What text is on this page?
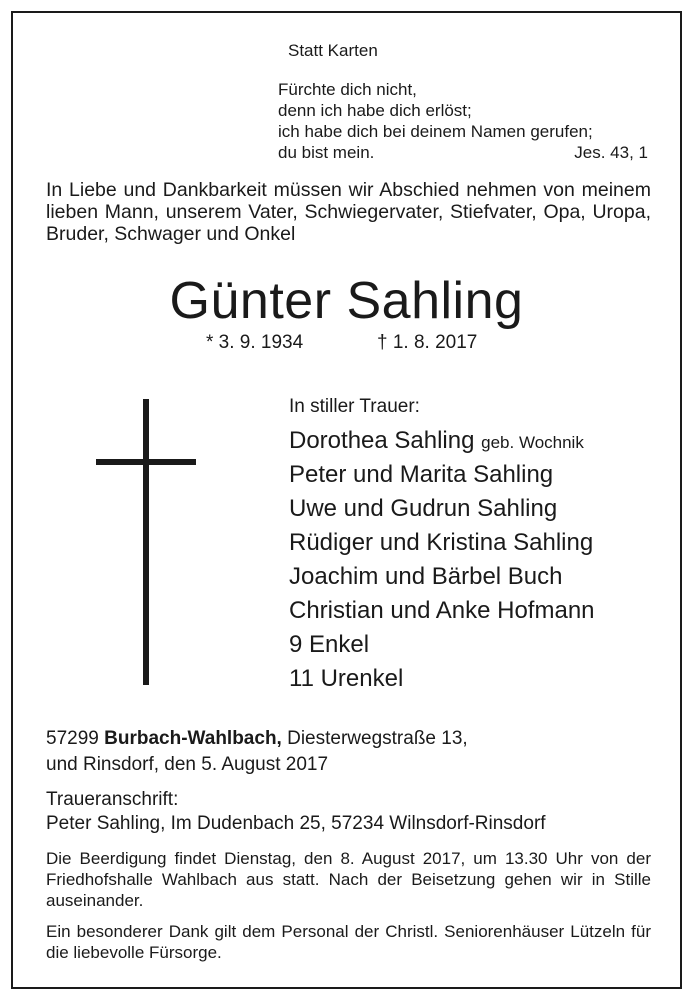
Statt Karten
Fürchte dich nicht,
denn ich habe dich erlöst;
ich habe dich bei deinem Namen gerufen;
du bist mein.	Jes. 43, 1
In Liebe und Dankbarkeit müssen wir Abschied nehmen von meinem lieben Mann, unserem Vater, Schwiegervater, Stiefvater, Opa, Uropa, Bruder, Schwager und Onkel
Günter Sahling
* 3. 9. 1934	† 1. 8. 2017
In stiller Trauer:
Dorothea Sahling geb. Wochnik
Peter und Marita Sahling
Uwe und Gudrun Sahling
Rüdiger und Kristina Sahling
Joachim und Bärbel Buch
Christian und Anke Hofmann
9 Enkel
11 Urenkel
57299 Burbach-Wahlbach, Diesterwegstraße 13,
und Rinsdorf, den 5. August 2017
Traueranschrift:
Peter Sahling, Im Dudenbach 25, 57234 Wilnsdorf-Rinsdorf
Die Beerdigung findet Dienstag, den 8. August 2017, um 13.30 Uhr von der Friedhofshalle Wahlbach aus statt. Nach der Beisetzung gehen wir in Stille auseinander.
Ein besonderer Dank gilt dem Personal der Christl. Seniorenhäuser Lützeln für die liebevolle Fürsorge.
